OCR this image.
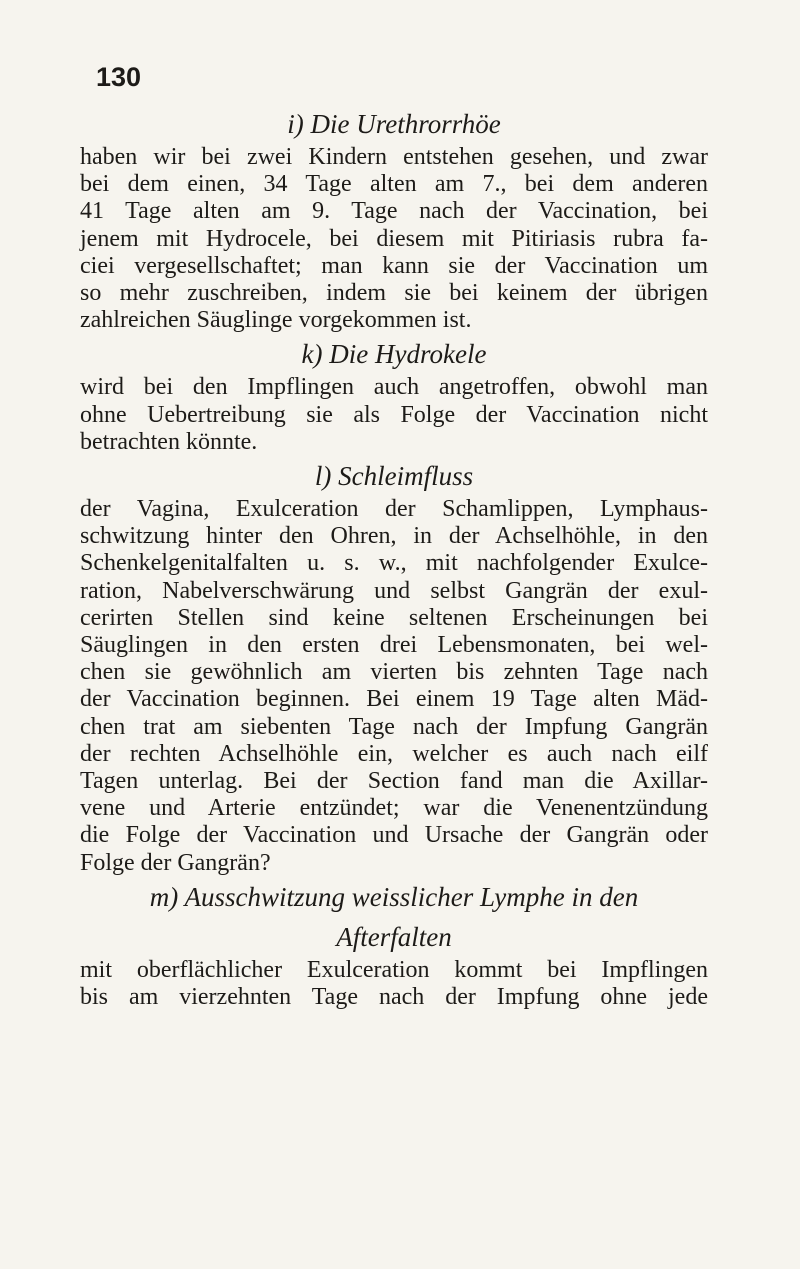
130
i) Die Urethrorrhöe
haben wir bei zwei Kindern entstehen gesehen, und zwar
bei dem einen, 34 Tage alten am 7., bei dem anderen
41 Tage alten am 9. Tage nach der Vaccination, bei
jenem mit Hydrocele, bei diesem mit Pitiriasis rubra fa-
ciei vergesellschaftet; man kann sie der Vaccination um
so mehr zuschreiben, indem sie bei keinem der übrigen
zahlreichen Säuglinge vorgekommen ist.
k) Die Hydrokele
wird bei den Impflingen auch angetroffen, obwohl man
ohne Uebertreibung sie als Folge der Vaccination nicht
betrachten könnte.
l) Schleimfluss
der Vagina, Exulceration der Schamlippen, Lymphaus-
schwitzung hinter den Ohren, in der Achselhöhle, in den
Schenkelgenitalfalten u. s. w., mit nachfolgender Exulce-
ration, Nabelverschwärung und selbst Gangrän der exul-
cerirten Stellen sind keine seltenen Erscheinungen bei
Säuglingen in den ersten drei Lebensmonaten, bei wel-
chen sie gewöhnlich am vierten bis zehnten Tage nach
der Vaccination beginnen. Bei einem 19 Tage alten Mäd-
chen trat am siebenten Tage nach der Impfung Gangrän
der rechten Achselhöhle ein, welcher es auch nach eilf
Tagen unterlag. Bei der Section fand man die Axillar-
vene und Arterie entzündet; war die Venenentzündung
die Folge der Vaccination und Ursache der Gangrän oder
Folge der Gangrän?
m) Ausschwitzung weisslicher Lymphe in den
Afterfalten
mit oberflächlicher Exulceration kommt bei Impflingen
bis am vierzehnten Tage nach der Impfung ohne jede
